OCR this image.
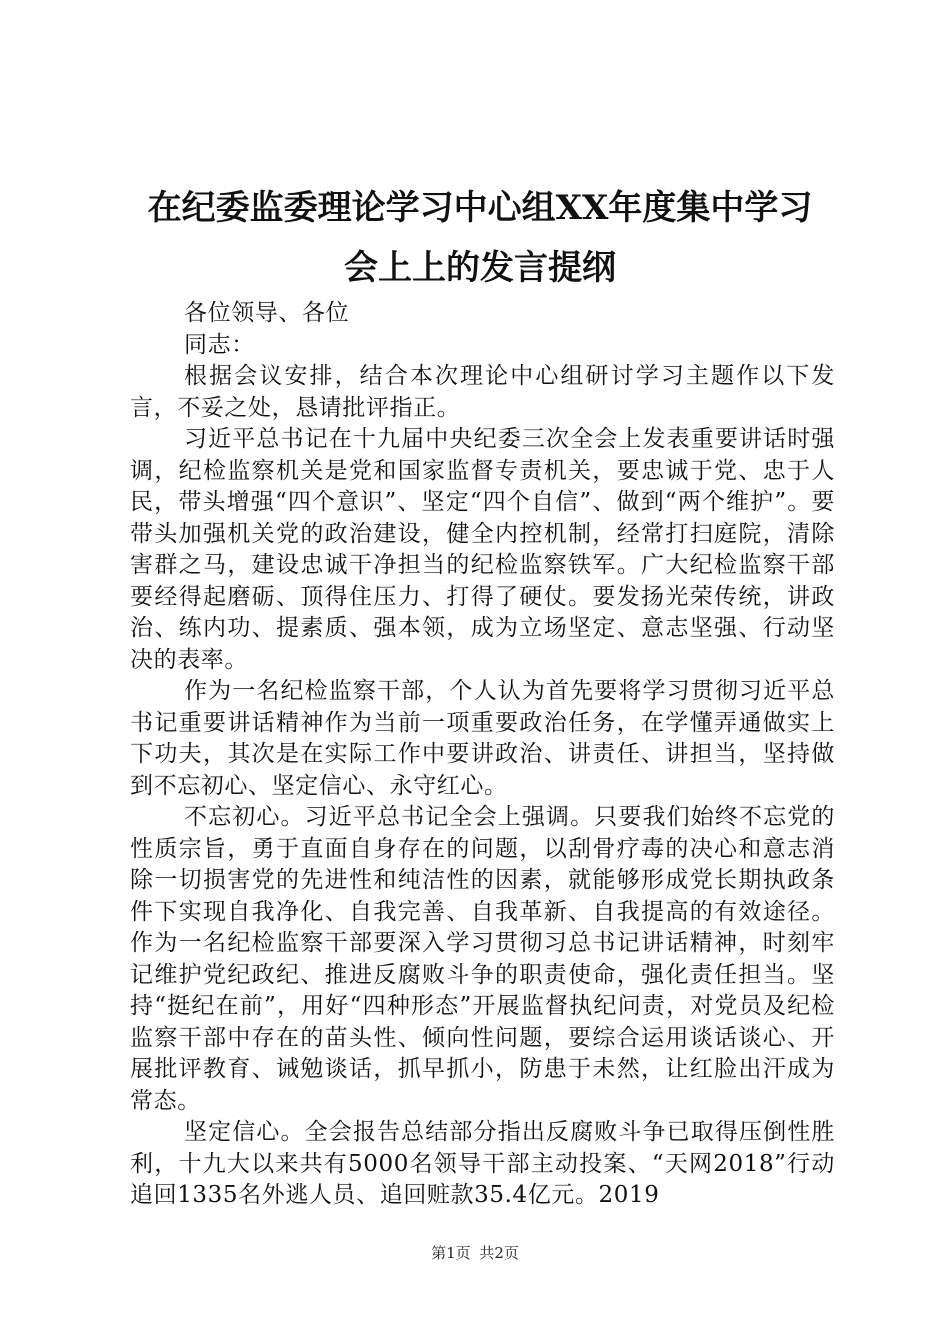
在纪委监委理论学习中心组XX年度集中学习
会上上的发言提纲

各位领导、各位

同志：

根据会议安排，结合本次理论中心组研讨学习主题作以下发言，不妥之处，恳请批评指正。

习近平总书记在十九届中央纪委三次全会上发表重要讲话时强调，纪检监察机关是党和国家监督专责机关，要忠诚于党、忠于人民，带头增强“四个意识”、坚定“四个自信”、做到“两个维护”。要带头加强机关党的政治建设，健全内控机制，经常打扫庭院，清除害群之马，建设忠诚干净担当的纪检监察铁军。广大纪检监察干部要经得起磨砺、顶得住压力、打得了硬仗。要发扬光荣传统，讲政治、练内功、提素质、强本领，成为立场坚定、意志坚强、行动坚决的表率。

作为一名纪检监察干部，个人认为首先要将学习贯彻习近平总书记重要讲话精神作为当前一项重要政治任务，在学懂弄通做实上下功夫，其次是在实际工作中要讲政治、讲责任、讲担当，坚持做到不忘初心、坚定信心、永守红心。

不忘初心。习近平总书记全会上强调。只要我们始终不忘党的性质宗旨，勇于直面自身存在的问题，以刮骨疗毒的决心和意志消除一切损害党的先进性和纯洁性的因素，就能够形成党长期执政条件下实现自我净化、自我完善、自我革新、自我提高的有效途径。作为一名纪检监察干部要深入学习贯彻习总书记讲话精神，时刻牢记维护党纪政纪、推进反腐败斗争的职责使命，强化责任担当。坚持“挺纪在前”，用好“四种形态”开展监督执纪问责，对党员及纪检监察干部中存在的苗头性、倾向性问题，要综合运用谈话谈心、开展批评教育、诫勉谈话，抓早抓小，防患于未然，让红脸出汗成为常态。

坚定信心。全会报告总结部分指出反腐败斗争已取得压倒性胜利，十九大以来共有5000名领导干部主动投案、“天网2018”行动追回1335名外逃人员、追回赃款35.4亿元。2019

第1页 共2页
